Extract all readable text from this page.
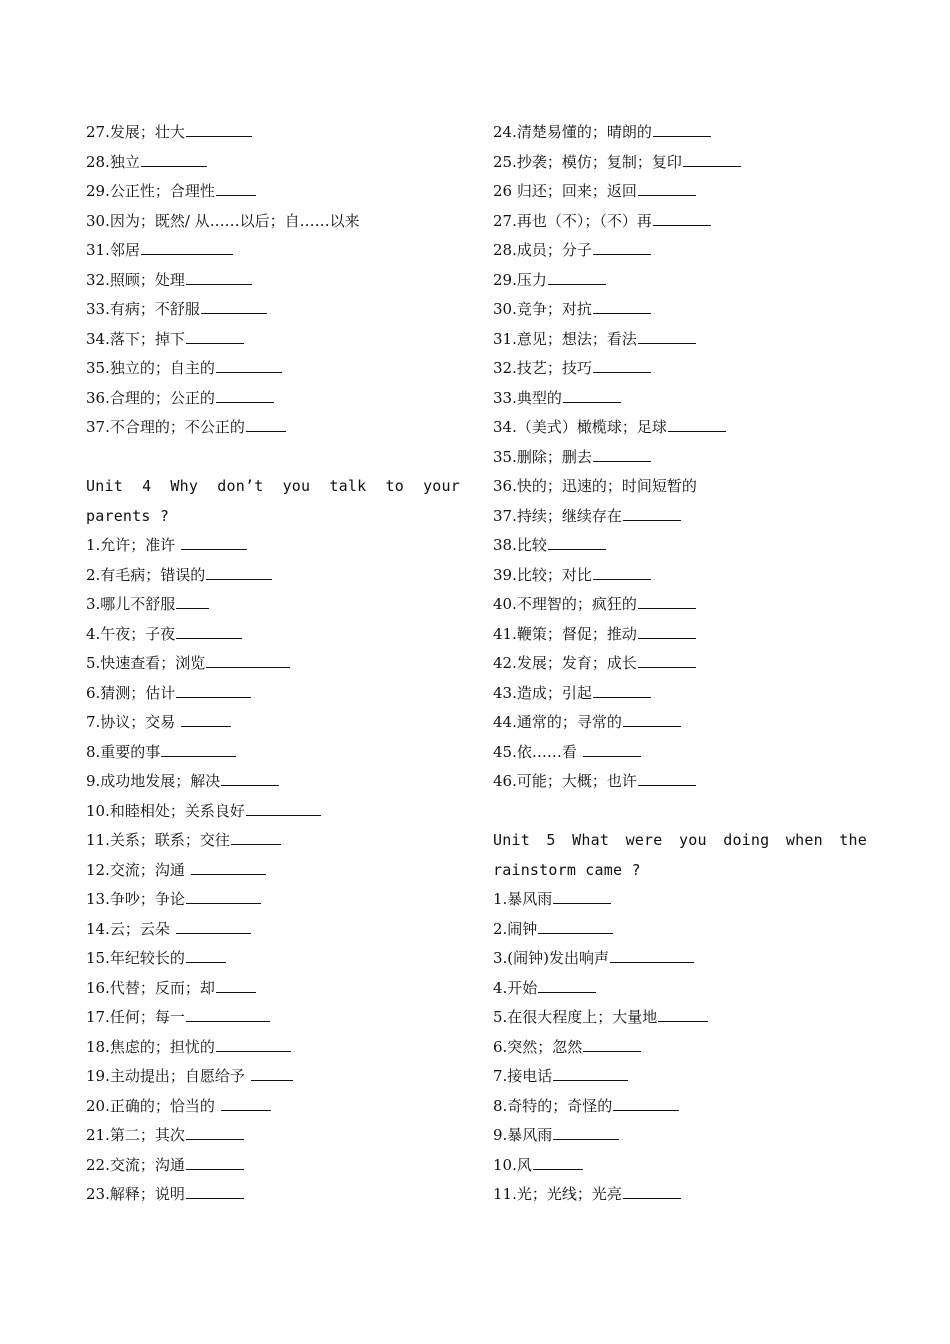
27.发展；壮大
28.独立
29.公正性；合理性
30.因为；既然/ 从……以后；自……以来
31.邻居
32.照顾；处理
33.有病；不舒服
34.落下；掉下
35.独立的；自主的
36.合理的；公正的
37.不合理的；不公正的
Unit 4 Why don’t you talk to your parents ?
1.允许；准许
2.有毛病；错误的
3.哪儿不舒服
4.午夜；子夜
5.快速查看；浏览
6.猜测；估计
7.协议；交易
8.重要的事
9.成功地发展；解决
10.和睦相处；关系良好
11.关系；联系；交往
12.交流；沟通
13.争吵；争论
14.云；云朵
15.年纪较长的
16.代替；反而；却
17.任何；每一
18.焦虑的；担忧的
19.主动提出；自愿给予
20.正确的；恰当的
21.第二；其次
22.交流；沟通
23.解释；说明
24.清楚易懂的；晴朗的
25.抄袭；模仿；复制；复印
26 归还；回来；返回
27.再也（不）；（不）再
28.成员；分子
29.压力
30.竞争；对抗
31.意见；想法；看法
32.技艺；技巧
33.典型的
34.（美式）橄榄球；足球
35.删除；删去
36.快的；迅速的；时间短暂的
37.持续；继续存在
38.比较
39.比较；对比
40.不理智的；疯狂的
41.鞭策；督促；推动
42.发展；发育；成长
43.造成；引起
44.通常的；寻常的
45.依……看
46.可能；大概；也许
Unit 5 What were you doing when the rainstorm came ?
1.暴风雨
2.闹钟
3.(闹钟)发出响声
4.开始
5.在很大程度上；大量地
6.突然；忽然
7.接电话
8.奇特的；奇怪的
9.暴风雨
10.风
11.光；光线；光亮
